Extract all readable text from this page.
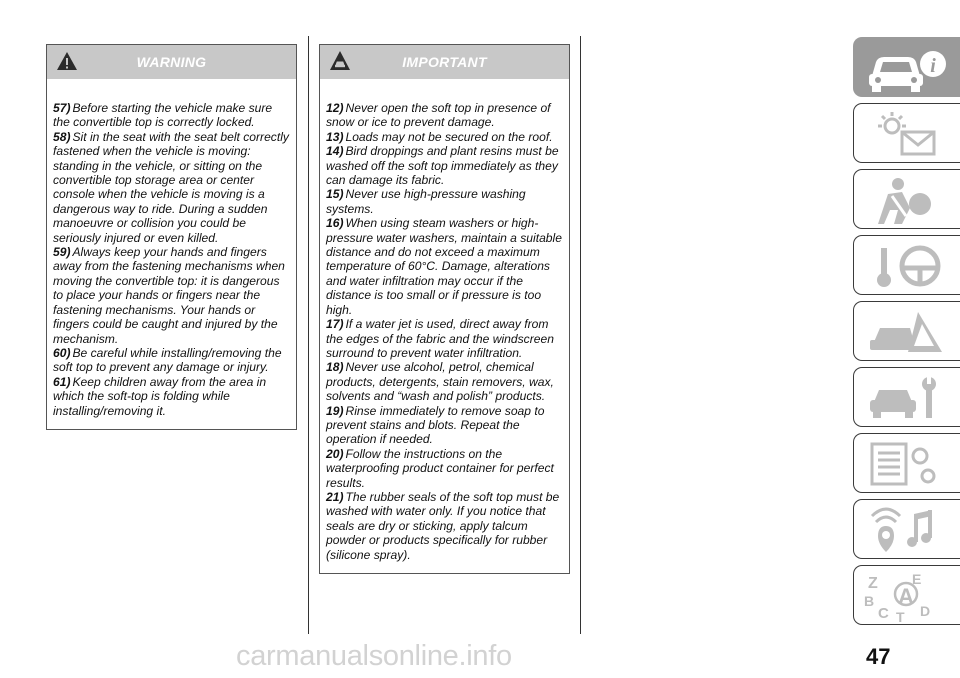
WARNING

57) Before starting the vehicle make sure the convertible top is correctly locked.

58) Sit in the seat with the seat belt correctly fastened when the vehicle is moving: standing in the vehicle, or sitting on the convertible top storage area or center console when the vehicle is moving is a dangerous way to ride. During a sudden manoeuvre or collision you could be seriously injured or even killed.

59) Always keep your hands and fingers away from the fastening mechanisms when moving the convertible top: it is dangerous to place your hands or fingers near the fastening mechanisms. Your hands or fingers could be caught and injured by the mechanism.

60) Be careful while installing/removing the soft top to prevent any damage or injury.

61) Keep children away from the area in which the soft-top is folding while installing/removing it.

IMPORTANT

12) Never open the soft top in presence of snow or ice to prevent damage.

13) Loads may not be secured on the roof.

14) Bird droppings and plant resins must be washed off the soft top immediately as they can damage its fabric.

15) Never use high-pressure washing systems.

16) When using steam washers or high-pressure water washers, maintain a suitable distance and do not exceed a maximum temperature of 60°C. Damage, alterations and water infiltration may occur if the distance is too small or if pressure is too high.

17) If a water jet is used, direct away from the edges of the fabric and the windscreen surround to prevent water infiltration.

18) Never use alcohol, petrol, chemical products, detergents, stain removers, wax, solvents and “wash and polish” products.

19) Rinse immediately to remove soap to prevent stains and blots. Repeat the operation if needed.

20) Follow the instructions on the waterproofing product container for perfect results.

21) The rubber seals of the soft top must be washed with water only. If you notice that seals are dry or sticking, apply talcum powder or products specifically for rubber (silicone spray).

i
Z E
B A
C T D
47
carmanualsonline.info
